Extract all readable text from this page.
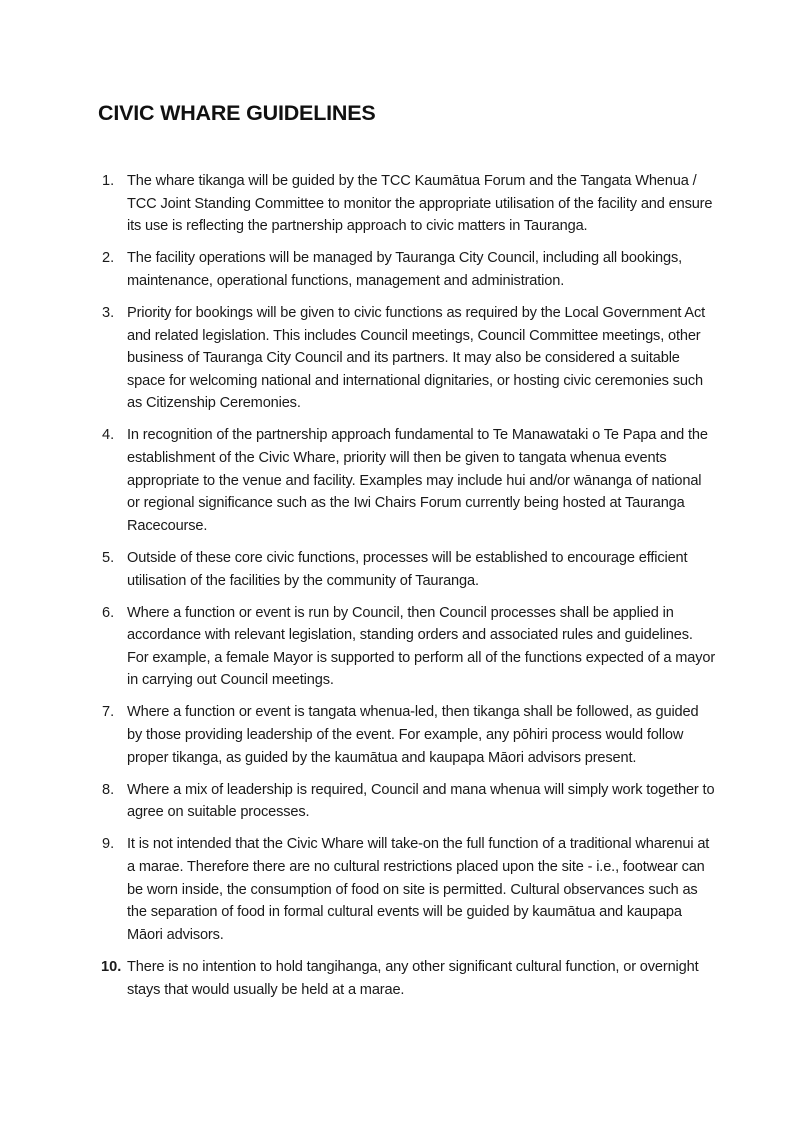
CIVIC WHARE GUIDELINES
1. The whare tikanga will be guided by the TCC Kaumātua Forum and the Tangata Whenua / TCC Joint Standing Committee to monitor the appropriate utilisation of the facility and ensure its use is reflecting the partnership approach to civic matters in Tauranga.

2. The facility operations will be managed by Tauranga City Council, including all bookings, maintenance, operational functions, management and administration.

3. Priority for bookings will be given to civic functions as required by the Local Government Act and related legislation. This includes Council meetings, Council Committee meetings, other business of Tauranga City Council and its partners. It may also be considered a suitable space for welcoming national and international dignitaries, or hosting civic ceremonies such as Citizenship Ceremonies.

4. In recognition of the partnership approach fundamental to Te Manawataki o Te Papa and the establishment of the Civic Whare, priority will then be given to tangata whenua events appropriate to the venue and facility. Examples may include hui and/or wānanga of national or regional significance such as the Iwi Chairs Forum currently being hosted at Tauranga Racecourse.

5. Outside of these core civic functions, processes will be established to encourage efficient utilisation of the facilities by the community of Tauranga.

6. Where a function or event is run by Council, then Council processes shall be applied in accordance with relevant legislation, standing orders and associated rules and guidelines. For example, a female Mayor is supported to perform all of the functions expected of a mayor in carrying out Council meetings.

7. Where a function or event is tangata whenua-led, then tikanga shall be followed, as guided by those providing leadership of the event. For example, any pōhiri process would follow proper tikanga, as guided by the kaumātua and kaupapa Māori advisors present.

8. Where a mix of leadership is required, Council and mana whenua will simply work together to agree on suitable processes.

9. It is not intended that the Civic Whare will take-on the full function of a traditional wharenui at a marae. Therefore there are no cultural restrictions placed upon the site - i.e., footwear can be worn inside, the consumption of food on site is permitted. Cultural observances such as the separation of food in formal cultural events will be guided by kaumātua and kaupapa Māori advisors.

10. There is no intention to hold tangihanga, any other significant cultural function, or overnight stays that would usually be held at a marae.
